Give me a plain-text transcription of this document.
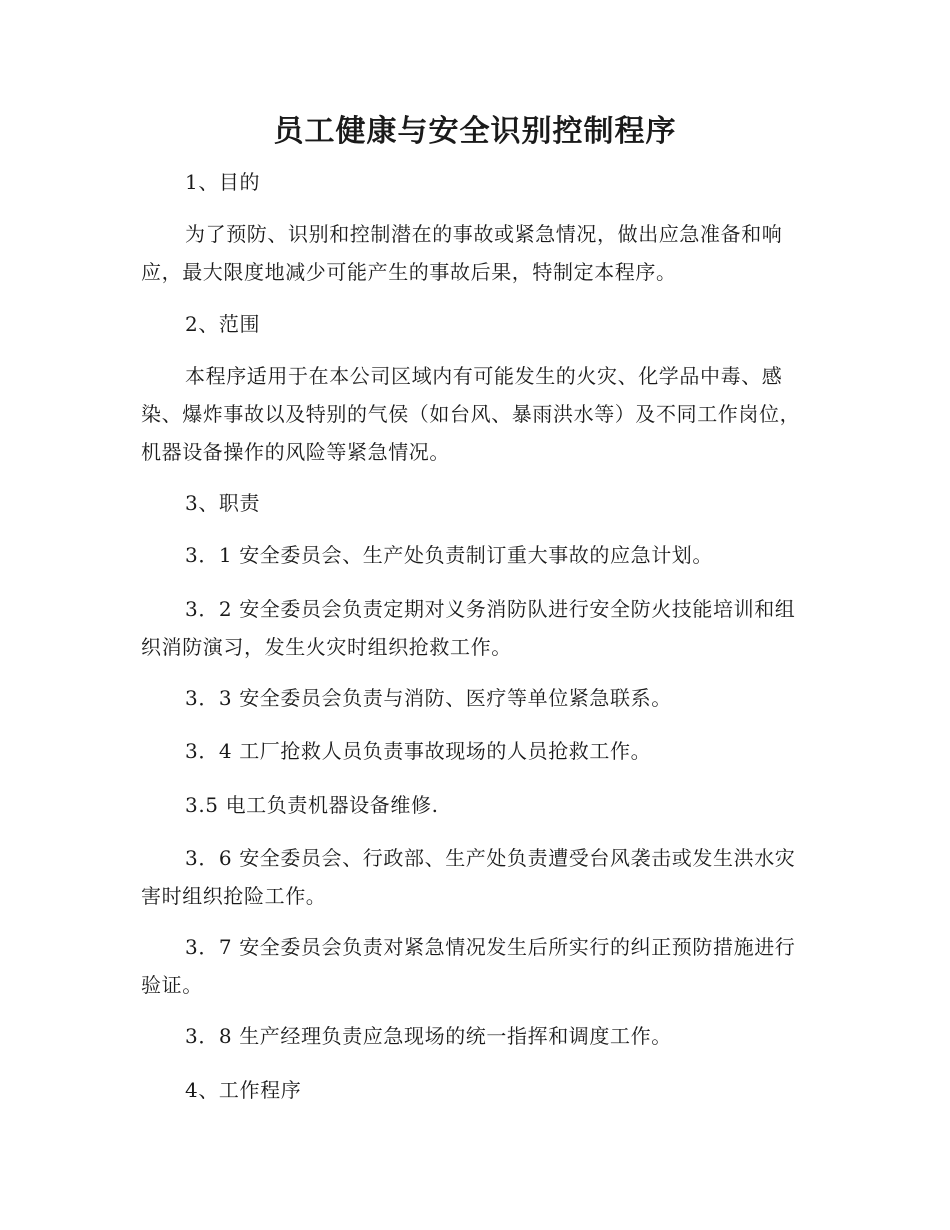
员工健康与安全识别控制程序
1、目的
为了预防、识别和控制潜在的事故或紧急情况，做出应急准备和响应，最大限度地减少可能产生的事故后果，特制定本程序。
2、范围
本程序适用于在本公司区域内有可能发生的火灾、化学品中毒、感染、爆炸事故以及特别的气侯（如台风、暴雨洪水等）及不同工作岗位，机器设备操作的风险等紧急情况。
3、职责
3．1 安全委员会、生产处负责制订重大事故的应急计划。
3．2 安全委员会负责定期对义务消防队进行安全防火技能培训和组织消防演习，发生火灾时组织抢救工作。
3．3 安全委员会负责与消防、医疗等单位紧急联系。
3．4 工厂抢救人员负责事故现场的人员抢救工作。
3.5 电工负责机器设备维修.
3．6 安全委员会、行政部、生产处负责遭受台风袭击或发生洪水灾害时组织抢险工作。
3．7 安全委员会负责对紧急情况发生后所实行的纠正预防措施进行验证。
3．8 生产经理负责应急现场的统一指挥和调度工作。
4、工作程序
